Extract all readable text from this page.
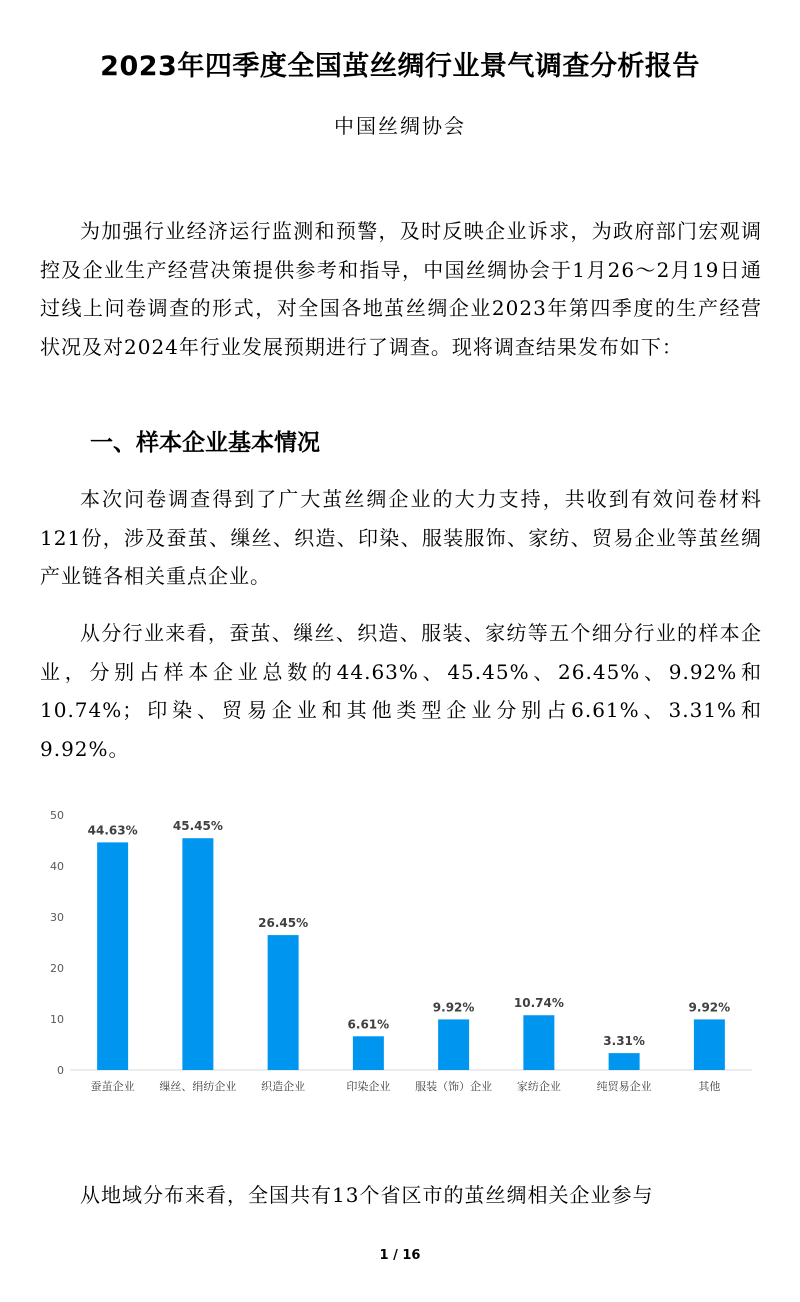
2023年四季度全国茧丝绸行业景气调查分析报告
中国丝绸协会

为加强行业经济运行监测和预警，及时反映企业诉求，为政府部门宏观调控及企业生产经营决策提供参考和指导，中国丝绸协会于1月26～2月19日通过线上问卷调查的形式，对全国各地茧丝绸企业2023年第四季度的生产经营状况及对2024年行业发展预期进行了调查。现将调查结果发布如下：

一、样本企业基本情况

本次问卷调查得到了广大茧丝绸企业的大力支持，共收到有效问卷材料121份，涉及蚕茧、缫丝、织造、印染、服装服饰、家纺、贸易企业等茧丝绸产业链各相关重点企业。

从分行业来看，蚕茧、缫丝、织造、服装、家纺等五个细分行业的样本企业，分别占样本企业总数的44.63%、45.45%、26.45%、9.92%和10.74%；印染、贸易企业和其他类型企业分别占6.61%、3.31%和9.92%。

0
10
20
30
40
50
44.63%
蚕茧企业
45.45%
缫丝、绢纺企业
26.45%
织造企业
6.61%
印染企业
9.92%
服装（饰）企业
10.74%
家纺企业
3.31%
纯贸易企业
9.92%
其他

从地域分布来看，全国共有13个省区市的茧丝绸相关企业参与

1 / 16
